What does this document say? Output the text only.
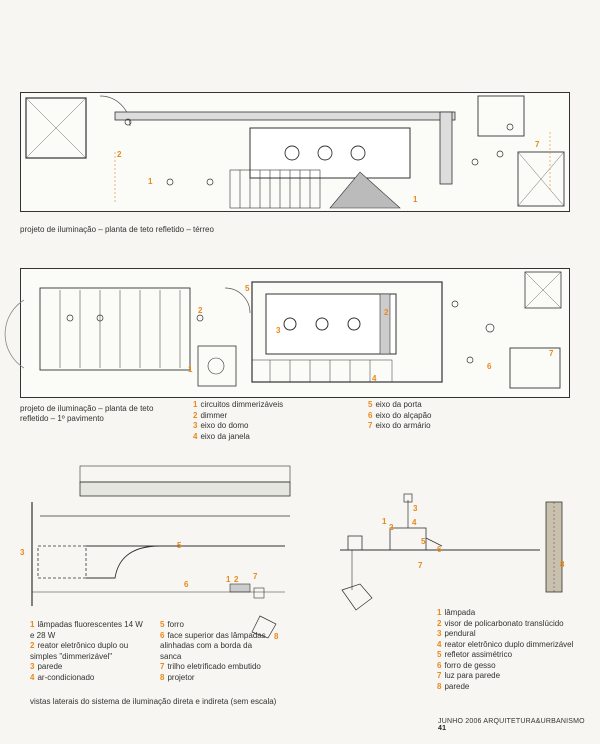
2
1
1
7
projeto de iluminação – planta de teto refletido – térreo
2	2
5
3
4
6
7
1
projeto de iluminação – planta de teto
refletido – 1º pavimento
1 circuitos dimmerizáveis
2 dimmer
3 eixo do domo
4 eixo da janela
5 eixo da porta
6 eixo do alçapão
7 eixo do armário
3
5
6
1 2 7
8
1 lâmpadas fluorescentes 14 W e 28 W
2 reator eletrônico duplo ou simples "dimmerizável"
3 parede
4 ar-condicionado
5 forro
6 face superior das lâmpadas alinhadas com a borda da sanca
7 trilho eletrificado embutido
8 projetor
3
1
2
4
5
6
7	8
1 lâmpada
2 visor de policarbonato translúcido
3 pendural
4 reator eletrônico duplo dimmerizável
5 refletor assimétrico
6 forro de gesso
7 luz para parede
8 parede
vistas laterais do sistema de iluminação direta e indireta (sem escala)
JUNHO 2006 ARQUITETURA&URBANISMO 41
